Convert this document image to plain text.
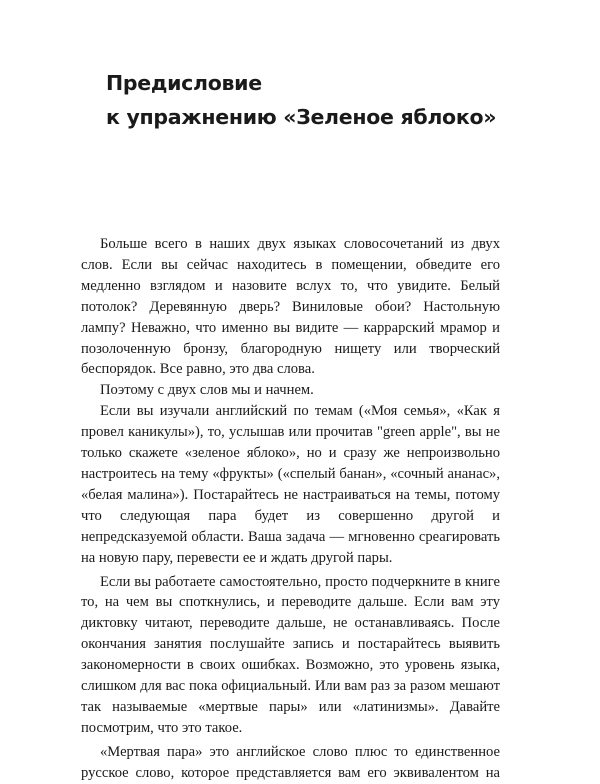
Предисловие
к упражнению «Зеленое яблоко»

Больше всего в наших двух языках словосочетаний из двух слов. Если вы сейчас находитесь в помещении, обведите его медленно взглядом и назовите вслух то, что увидите. Белый потолок? Деревянную дверь? Виниловые обои? Настольную лампу? Неважно, что именно вы видите — каррарский мрамор и позолоченную бронзу, благородную нищету или творческий беспорядок. Все равно, это два слова.

Поэтому с двух слов мы и начнем.

Если вы изучали английский по темам («Моя семья», «Как я провел каникулы»), то, услышав или прочитав "green apple", вы не только скажете «зеленое яблоко», но и сразу же непроизвольно настроитесь на тему «фрукты» («спелый банан», «сочный ананас», «белая малина»). Постарайтесь не настраиваться на темы, потому что следующая пара будет из совершенно другой и непредсказуемой области. Ваша задача — мгновенно среагировать на новую пару, перевести ее и ждать другой пары.

Если вы работаете самостоятельно, просто подчеркните в книге то, на чем вы споткнулись, и переводите дальше. Если вам эту диктовку читают, переводите дальше, не останавливаясь. После окончания занятия послушайте запись и постарайтесь выявить закономерности в своих ошибках. Возможно, это уровень языка, слишком для вас пока официальный. Или вам раз за разом мешают так называемые «мертвые пары» или «латинизмы». Давайте посмотрим, что это такое.

«Мертвая пара» это английское слово плюс то единственное русское слово, которое представляется вам его эквивалентом на
